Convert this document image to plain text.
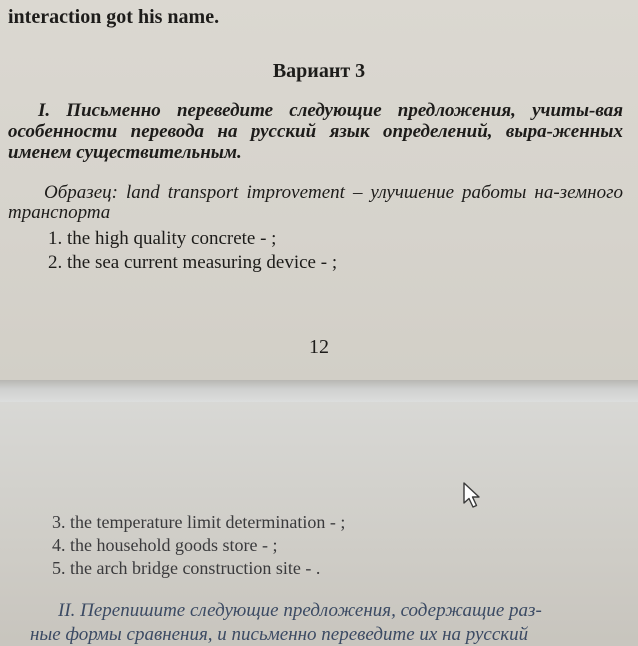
interaction got his name.
Вариант 3
I. Письменно переведите следующие предложения, учиты-вая особенности перевода на русский язык определений, выра-женных именем существительным.
Образец: land transport improvement – улучшение работы на-земного транспорта
1. the high quality concrete - ;
2. the sea current measuring device - ;
12
3. the temperature limit determination - ;
4. the household goods store - ;
5. the arch bridge construction site - .
II. Перепишите следующие предложения, содержащие раз-
ные формы сравнения, и письменно переведите их на русский
